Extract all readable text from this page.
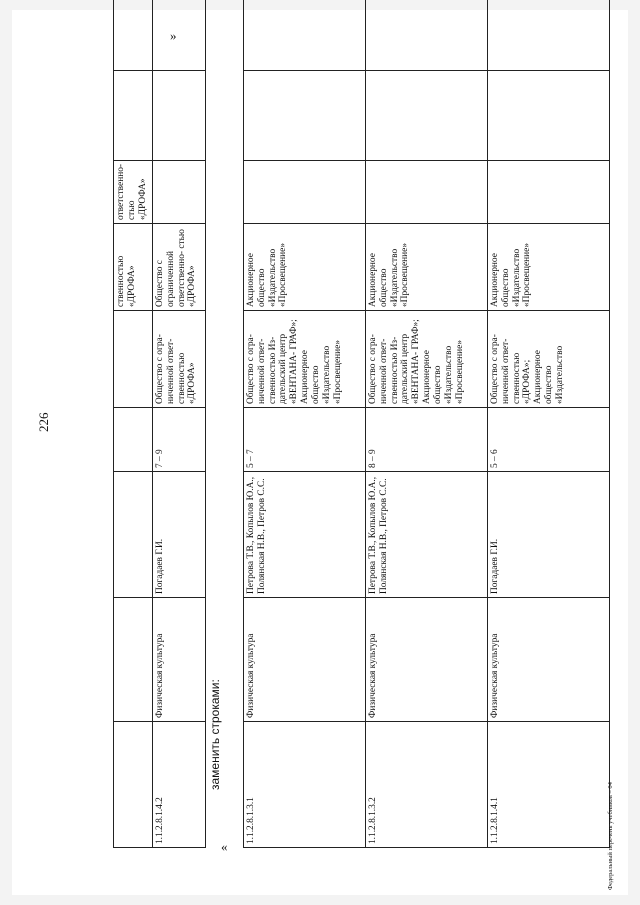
226
					ственностью «ДРОФА»	ответственно- стью «ДРОФА»				
1.1.2.8.1.4.2	Физическая культура	Погадаев Г.И.	7 – 9	Общество с огра- ниченной ответ- ственностью «ДРОФА»	Общество с ограниченной ответственно- стью «ДРОФА»					
»
заменить строками:
«
1.1.2.8.1.3.1	Физическая культура	Петрова Т.В., Копылов Ю.А., Полянская Н.В., Петров С.С.	5 – 7	Общество с огра- ниченной ответ- ственностью Из- дательский центр «ВЕНТАНА- ГРАФ»; Акционерное общество «Издательство «Просвещение»	Акционерное общество «Издательство «Просвещение»					
1.1.2.8.1.3.2	Физическая культура	Петрова Т.В., Копылов Ю.А., Полянская Н.В., Петров С.С.	8 – 9	Общество с огра- ниченной ответ- ственностью Из- дательский центр «ВЕНТАНА- ГРАФ»; Акционерное общество «Издательство «Просвещение»	Акционерное общество «Издательство «Просвещение»					
1.1.2.8.1.4.1	Физическая культура	Погадаев Г.И.	5 – 6	Общество с огра- ниченной ответ- ственностью «ДРОФА»; Акционерное общество «Издательство	Акционерное общество «Издательство «Просвещение»					
Федеральный перечень учебников – 04
